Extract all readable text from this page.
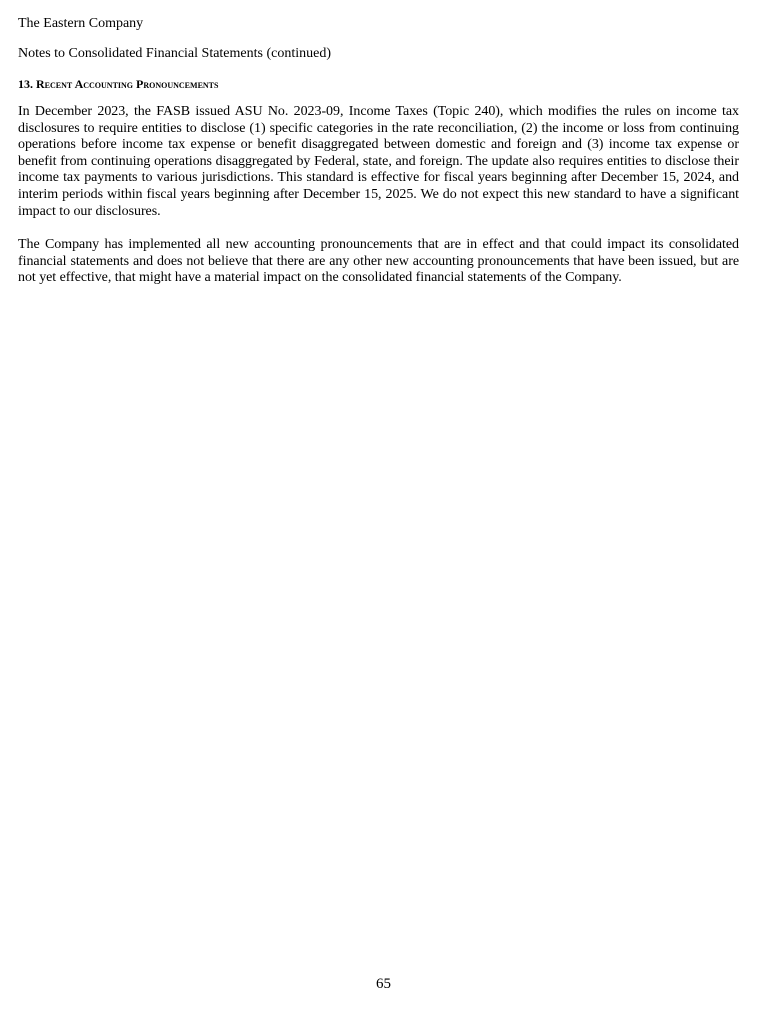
The Eastern Company

Notes to Consolidated Financial Statements (continued)

13. Recent Accounting Pronouncements

In December 2023, the FASB issued ASU No. 2023-09, Income Taxes (Topic 240), which modifies the rules on income tax disclosures to require entities to disclose (1) specific categories in the rate reconciliation, (2) the income or loss from continuing operations before income tax expense or benefit disaggregated between domestic and foreign and (3) income tax expense or benefit from continuing operations disaggregated by Federal, state, and foreign. The update also requires entities to disclose their income tax payments to various jurisdictions. This standard is effective for fiscal years beginning after December 15, 2024, and interim periods within fiscal years beginning after December 15, 2025. We do not expect this new standard to have a significant impact to our disclosures.

The Company has implemented all new accounting pronouncements that are in effect and that could impact its consolidated financial statements and does not believe that there are any other new accounting pronouncements that have been issued, but are not yet effective, that might have a material impact on the consolidated financial statements of the Company.

65
